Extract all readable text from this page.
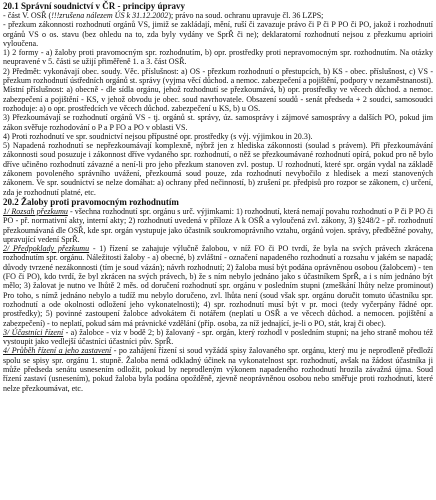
20.1 Správní soudnictví v ČR - principy úpravy

- část V. OSŘ (!!!zrušena nálezem ÚS k 31.12.2002); právo na soud. ochranu upravuje čl. 36 LZPS;

- přezkum zákonnosti rozhodnutí orgánů VS, jimiž se zakládají, mění, ruší či zavazuje právo či P či P PO či PO, jakož i rozhodnutí orgánů VS o os. stavu (bez ohledu na to, zda byly vydány ve SprŘ či ne); deklaratorní rozhodnutí nejsou z přezkumu aprioiri vyloučena.

1) 2 formy - a) žaloby proti pravomocným spr. rozhodnutím, b) opr. prostředky proti nepravomocným spr. rozhodnutím. Na otázky neupravené v 5. části se užijí přiměřeně 1. a 3. část OSŘ.

2) Předmět: vykonávají obec. soudy. Věc. příslušnost: a) OS - přezkum rozhodnutí o přestupcích, b) KS - obec. příslušnost, c) VS - přezkum rozhodnutí ústředních orgánů st. správy (vyjma věcí důchod. a nemoc. zabezpečení a pojištění, podpory v nezaměstnanosti). Místní příslušnost: a) obecně - dle sídla orgánu, jehož rozhodnutí se přezkoumává, b) opr. prostředky ve věcech důchod. a nemoc. zabezpečení a pojištění - KS, v jehož obvodu je obec. soud navrhovatele. Obsazení soudů - senát předseda + 2 soudci, samosoudci rozhoduje: a) o opr. prostředcích ve věcech důchod. zabezpečení u KS, b) u OS.

3) Přezkoumávají se rozhodnutí orgánů VS - tj. orgánů st. správy, úz. samosprávy i zájmové samosprávy a dalších PO, pokud jim zákon svěřuje rozhodování o P a P FO a PO v oblasti VS.

4) Proti rozhodnutí ve spr. soudnictví nejsou přípustné opr. prostředky (s výj. výjimkou in 20.3).

5) Napadená rozhodnutí se nepřezkoumávají komplexně, nýbrž jen z hlediska zákonnosti (soulad s právem). Při přezkoumávání zákonnosti soud posuzuje i zákonnost dříve vydaného spr. rozhodnutí, o něž se přezkoumávané rozhodnutí opírá, pokud pro ně bylo dříve učiněno rozhodnutí závazné a není-li pro jeho přezkum stanoven zvl. postup. U rozhodnutí, které spr. orgán vydal na základě zákonem povoleného správního uvážení, přezkoumá soud pouze, zda rozhodnutí nevybočilo z hledisek a mezí stanovených zákonem. Ve spr. soudnictví se nelze domáhat: a) ochrany před nečinností, b) zrušení pr. předpisů pro rozpor se zákonem, c) určení, zda je rozhodnutí platné, etc.

20.2 Žaloby proti pravomocným rozhodnutím

1/ Rozsah přezkumu - všechna rozhodnutí spr. orgánu s urč. výjimkami: 1) rozhodnutí, která nemají povahu rozhodnutí o P či P PO či PO - př. normativní akty, interní akty; 2) rozhodnutí uvedená v příloze A k OSŘ a vyloučená zvl. zákony, 3) §248/2 - př. rozhodnutí přezkoumávaná dle OSŘ, kde spr. orgán vystupuje jako účastník soukromoprávního vztahu, orgánů vojen. správy, předběžné povahy, upravující vedení SprŘ.

2/ Předpoklady přezkumu - 1) řízení se zahajuje výlučně žalobou, v níž FO či PO tvrdí, že byla na svých právech zkrácena rozhodnutím spr. orgánu. Náležitosti žaloby - a) obecné, b) zvláštní - označení napadeného rozhodnutí a rozsahu v jakém se napadá; důvody tvrzené nezákonnosti (tím je soud vázán); návrh rozhodnutí; 2) žaloba musí být podána oprávněnou osobou (žalobcem) - ten (FO či PO), kdo tvrdí, že byl zkrácen na svých právech, b) že s ním nebylo jednáno jako s účastníkem SprŘ, a i s ním jednáno být mělo; 3) žalovat je nutno ve lhůtě 2 měs. od doručení rozhodnutí spr. orgánu v posledním stupni (zmeškání lhůty nelze prominout) Pro toho, s nímž jednáno nebylo a tudíž mu nebylo doručeno, zvl. lhůta není (soud však spr. orgánu doručit tomuto účastníku spr. rozhodnutí a ode okolnosti odložení jeho vykonatelnosti); 4) spr. rozhodnutí musí být v pr. moci (tedy vyčerpány řádné opr. prostředky); 5) povinné zastoupení žalobce advokátem či notářem (neplatí u OSŘ a ve věcech důchod. a nemocen. pojištění a zabezpečení) - to neplatí, pokud sám má právnické vzdělání (příp. osoba, za níž jednající, je-li o PO, stát, kraj či obec).

3/ Účastníci řízení - a) žalobce - viz v bodě 2; b) žalovaný - spr. orgán, který rozhodl v posledním stupni; na jeho straně mohou též vystoupit jako vedlejší účastníci účastníci pův. SprŘ.

4/ Průběh řízení a jeho zastavení - po zahájení řízení si soud vyžádá spisy žalovaného spr. orgánu, který mu je neprodleně předloží spolu se spisy spr. orgánu 1. stupně. Žaloba nemá odkladný účinek na vykonatelnost spr. rozhodnutí, avšak na žádost účastníka ji může předseda senátu usnesením odložit, pokud by neprodleným výkonem napadeného rozhodnutí hrozila závažná újma. Soud řízení zastaví (usnesením), pokud žaloba byla podána opožděně, zjevně neoprávněnou osobou nebo směřuje proti rozhodnutí, které nelze přezkoumávat, etc.
